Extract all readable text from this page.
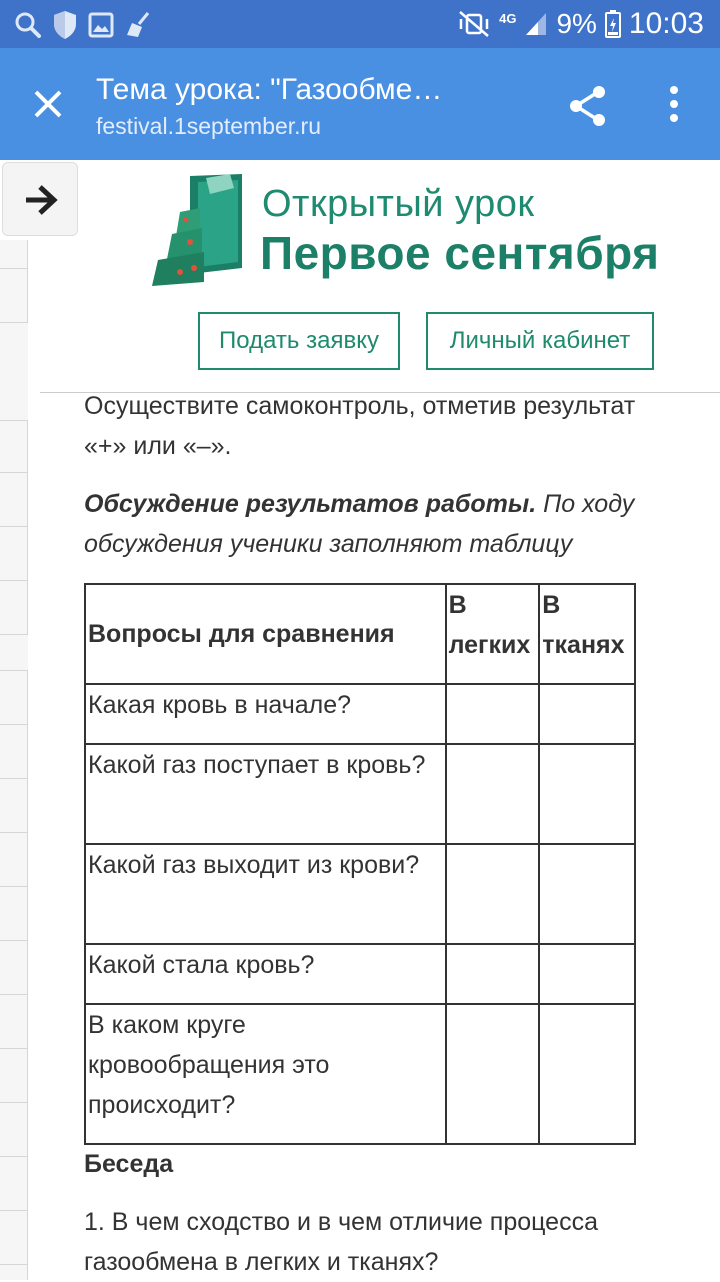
4G 9% 10:03
Тема урока: "Газообме…
festival.1september.ru
Открытый урок
Первое сентября
Подать заявку	Личный кабинет
Осуществите самоконтроль, отметив результат «+» или «–».
Обсуждение результатов работы. По ходу обсуждения ученики заполняют таблицу
Вопросы для сравнения	В легких	В тканях
Какая кровь в начале?		
Какой газ поступает в кровь?		
Какой газ выходит из крови?		
Какой стала кровь?		
В каком круге кровообращения это происходит?		
Беседа
1. В чем сходство и в чем отличие процесса газообмена в легких и тканях?
